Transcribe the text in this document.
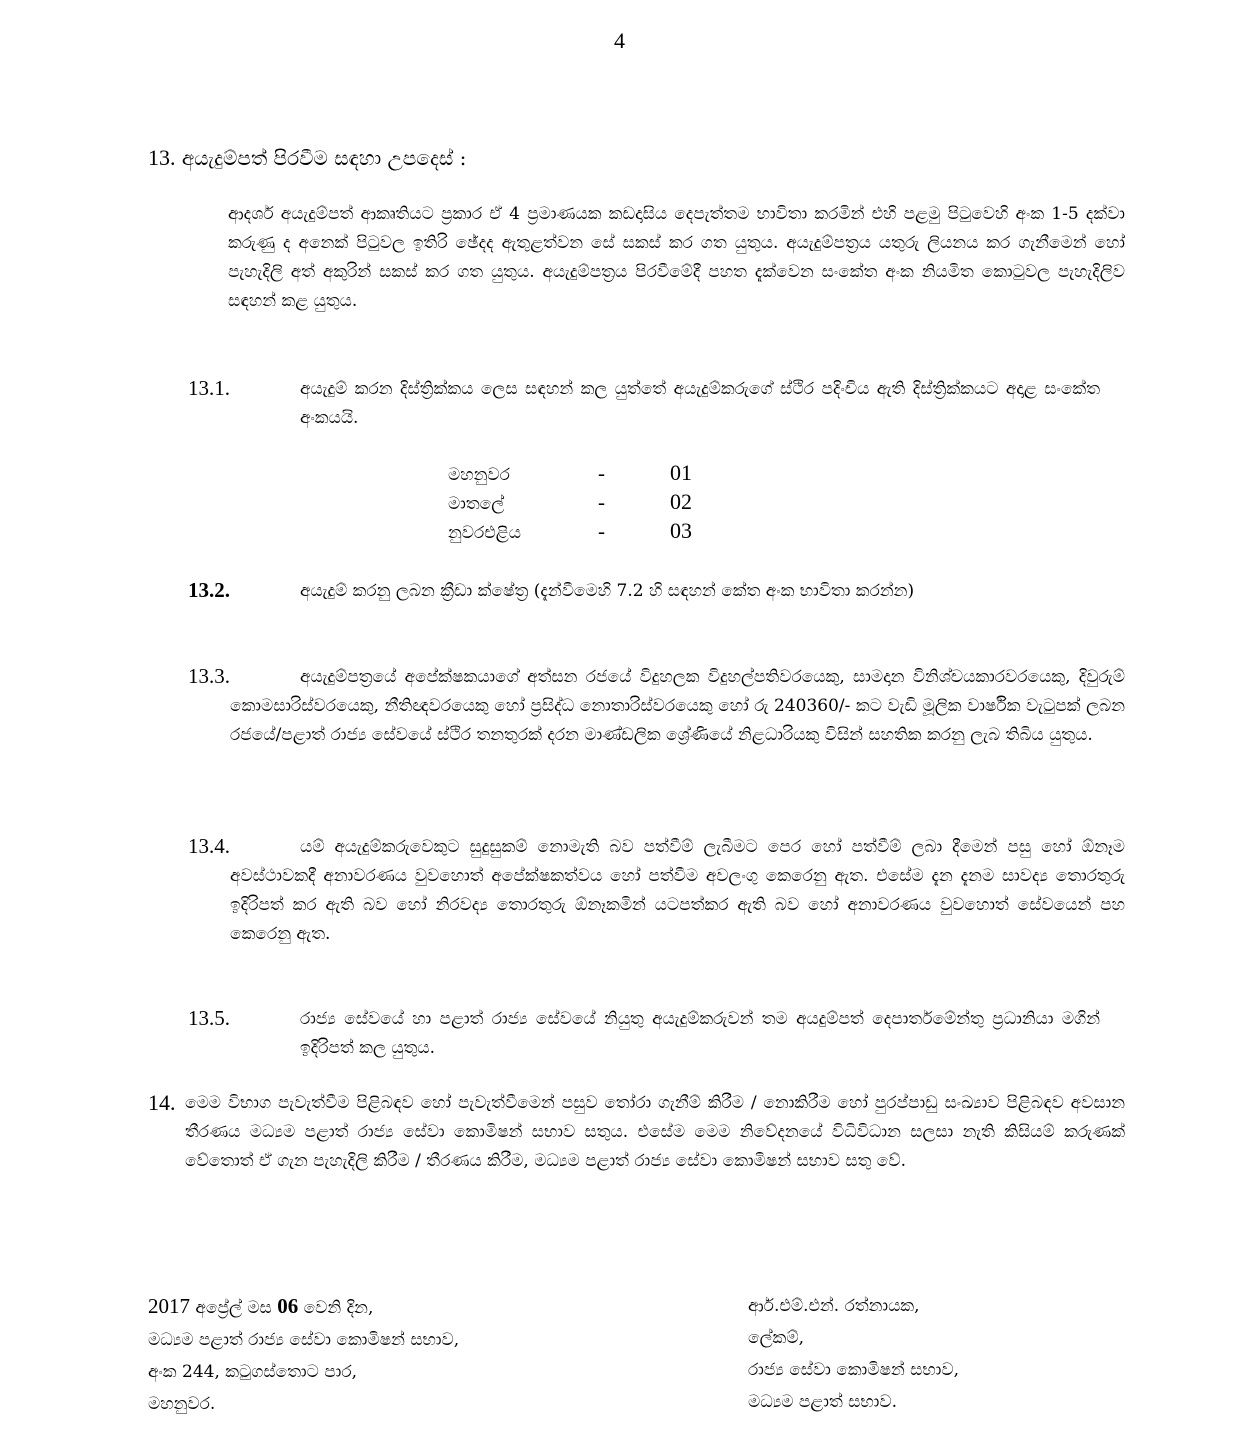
4
13. අයැදුම්පත් පිරවීම සඳහා උපදෙස් :
ආදර්ශ අයැදුම්පත් ආකෘතියට ප්‍රකාර ඒ 4 ප්‍රමාණයක කඩදාසිය දෙපැත්තම භාවිතා කරමින් එහි පළමු පිටුවෙහි අංක 1-5 දක්වා කරුණු ද අනෙක් පිටුවල ඉතිරි ඡේදද ඇතුළත්වන සේ සකස් කර ගත යුතුය. අයැදුම්පත්‍රය යතුරු ලියනය කර ගැනීමෙන් හෝ පැහැදිලි අත් අකුරින් සකස් කර ගත යුතුය. අයැදුම්පත්‍රය පිරවීමේදී පහත දැක්වෙන සංකේත අංක නියමිත කොටුවල පැහැදිලිව සඳහන් කළ යුතුය.
13.1.	අයැදුම් කරන දිස්ත්‍රික්කය ලෙස සඳහන් කල යුත්තේ අයැදුම්කරුගේ ස්ථිර පදිංචිය ඇති දිස්ත්‍රික්කයට අදාළ සංකේත අංකයයි.
මහනුවර	-	01
මාතලේ	-	02
නුවරඑළිය	-	03
13.2.	අයැදුම් කරනු ලබන ක්‍රීඩා ක්ෂේත්‍ර (දැන්වීමෙහි 7.2 හි සඳහන් කේත අංක භාවිතා කරන්න)
13.3.	අයැදුම්පත්‍රයේ අපේක්ෂකයාගේ අත්සන රජයේ විදුහලක විදුහල්පතිවරයෙකු, සාමදාන විනිශ්චයකාරවරයෙකු, දිවුරුම් කොමසාරිස්වරයෙකු, නීතිඥවරයෙකු හෝ ප්‍රසිද්ධ නොතාරිස්වරයෙකු හෝ රු 240360/- කට වැඩි මූලික වාර්ෂික වැටුපක් ලබන රජයේ/පළාත් රාජ්‍ය සේවයේ ස්ථිර තනතුරක් දරන මාණ්ඩලික ශ්‍රේණියේ නිළධාරියකු විසින් සහතික කරනු ලැබ තිබිය යුතුය.
13.4.	යම් අයැදුම්කරුවෙකුට සුදුසුකම් නොමැති බව පත්වීම් ලැබීමට පෙර හෝ පත්වීම් ලබා දීමෙන් පසු හෝ ඕනෑම අවස්ථාවකදී අනාවරණය වුවහොත් අපේක්ෂකත්වය හෝ පත්වීම අවලංගු කෙරෙනු ඇත. එසේම දැන දැනම සාවද්‍ය තොරතුරු ඉදිරිපත් කර ඇති බව හෝ නිරවද්‍ය තොරතුරු ඕනෑකමින් යටපත්කර ඇති බව හෝ අනාවරණය වුවහොත් සේවයෙන් පහ කෙරෙනු ඇත.
13.5.	රාජ්‍ය සේවයේ හා පළාත් රාජ්‍ය සේවයේ නියුතු අයැදුම්කරුවන් තම අයදුම්පත් දෙපාර්තමේන්තු ප්‍රධානියා මගින් ඉදිරිපත් කල යුතුය.
14. මෙම විභාග පැවැත්වීම පිළිබඳව හෝ පැවැත්වීමෙන් පසුව තෝරා ගැනීම් කිරීම / නොකිරීම හෝ පුරප්පාඩු සංඛ්‍යාව පිළිබඳව අවසාන තීරණය මධ්‍යම පළාත් රාජ්‍ය සේවා කොමිෂන් සභාව සතුය. එසේම මෙම නිවේදනයේ විධිවිධාන සලසා නැති කිසියම් කරුණක් වේතොත් ඒ ගැන පැහැදිලි කිරීම / තීරණය කිරීම, මධ්‍යම පළාත් රාජ්‍ය සේවා කොමිෂන් සභාව සතු වේ.
2017 අප්‍රේල් මස 06 වෙනි දින,
මධ්‍යම පළාත් රාජ්‍ය සේවා කොමිෂන් සභාව,
අංක 244, කටුගස්තොට පාර,
මහනුවර.
ආර්.එම්.එන්. රත්නායක,
ලේකම්,
රාජ්‍ය සේවා කොමිෂන් සභාව,
මධ්‍යම පළාත් සභාව.
